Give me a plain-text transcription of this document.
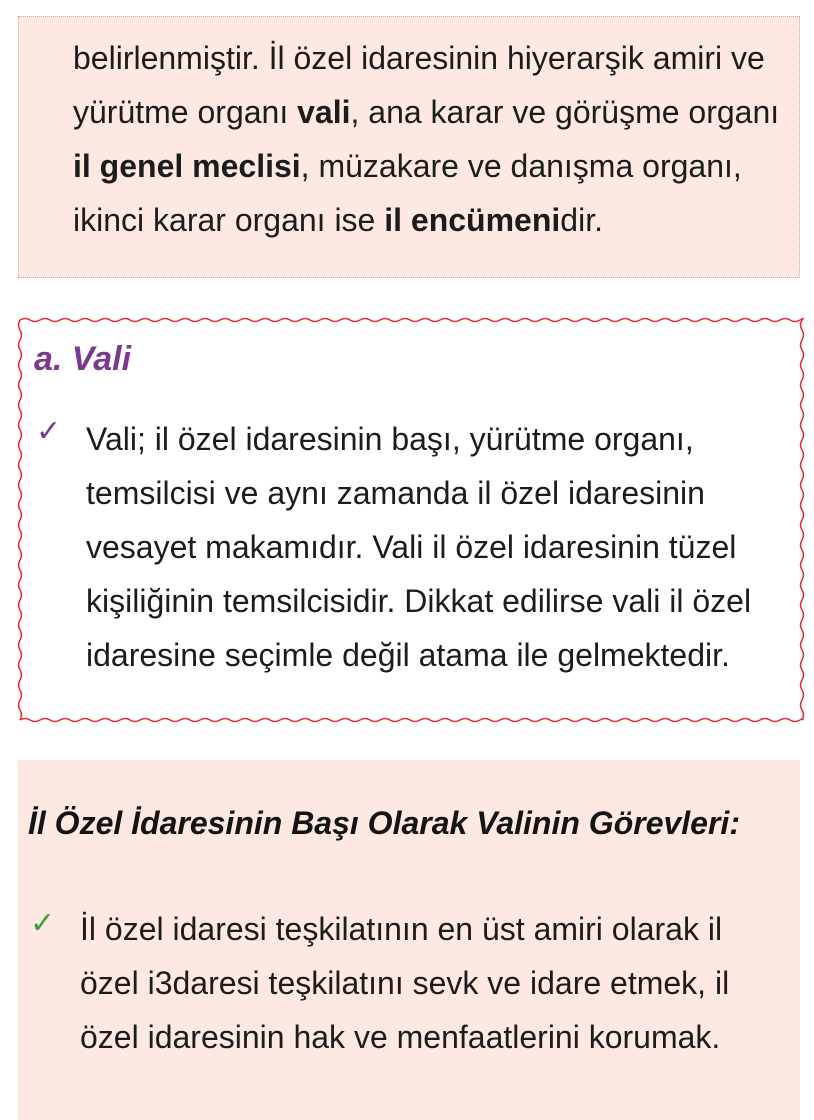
belirlenmiştir. İl özel idaresinin hiyerarşik amiri ve yürütme organı vali, ana karar ve görüşme organı il genel meclisi, müzakare ve danışma organı, ikinci karar organı ise il encümenidir.

a. Vali
✓ Vali; il özel idaresinin başı, yürütme organı, temsilcisi ve aynı zamanda il özel idaresinin vesayet makamıdır. Vali il özel idaresinin tüzel kişiliğinin temsilcisidir. Dikkat edilirse vali il özel idaresine seçimle değil atama ile gelmektedir.

İl Özel İdaresinin Başı Olarak Valinin Görevleri:
✓ İl özel idaresi teşkilatının en üst amiri olarak il özel i3daresi teşkilatını sevk ve idare etmek, il özel idaresinin hak ve menfaatlerini korumak.
